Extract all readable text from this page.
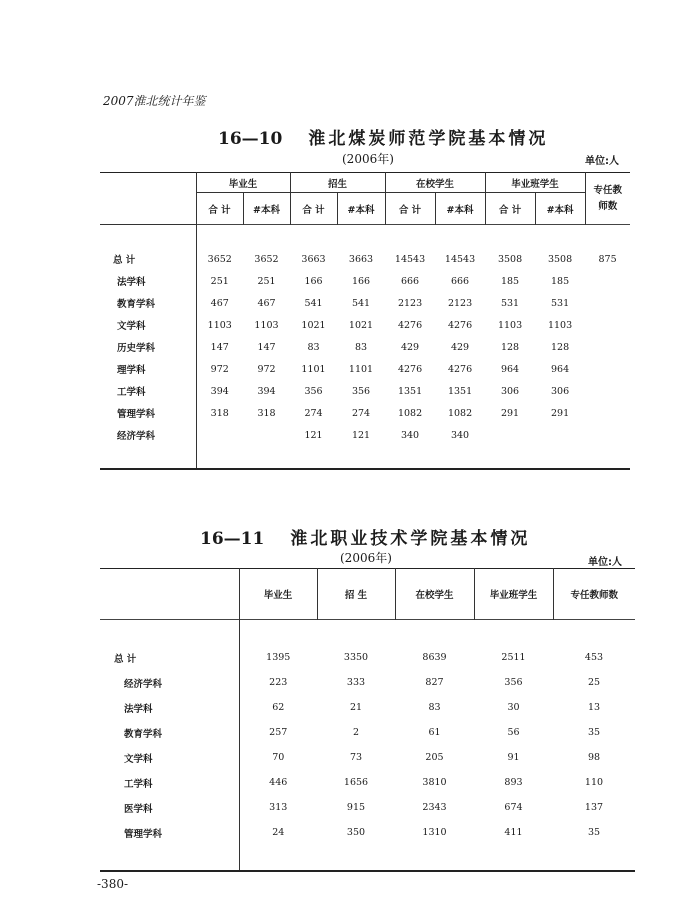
2007淮北统计年鉴
16—10 淮北煤炭师范学院基本情况
(2006年)	单位:人
	毕业生		招生		在校学生		毕业班学生		专任教师数
	合 计	#本科	合 计	#本科	合 计	#本科	合 计	#本科	

总 计	3652	3652	3663	3663	14543	14543	3508	3508	875
法学科	251	251	166	166	666	666	185	185	
教育学科	467	467	541	541	2123	2123	531	531	
文学科	1103	1103	1021	1021	4276	4276	1103	1103	
历史学科	147	147	83	83	429	429	128	128	
理学科	972	972	1101	1101	4276	4276	964	964	
工学科	394	394	356	356	1351	1351	306	306	
管理学科	318	318	274	274	1082	1082	291	291	
经济学科			121	121	340	340			

16—11 淮北职业技术学院基本情况
(2006年)	单位:人
	毕业生	招 生	在校学生	毕业班学生	专任教师数

总 计	1395	3350	8639	2511	453
经济学科	223	333	827	356	25
法学科	62	21	83	30	13
教育学科	257	2	61	56	35
文学科	70	73	205	91	98
工学科	446	1656	3810	893	110
医学科	313	915	2343	674	137
管理学科	24	350	1310	411	35

-380-
